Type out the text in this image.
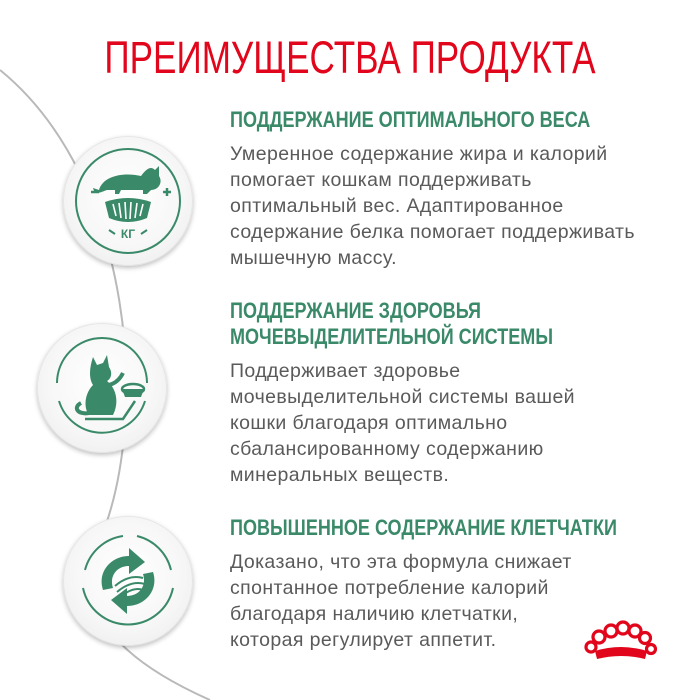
ПРЕИМУЩЕСТВА ПРОДУКТА
КГ
ПОДДЕРЖАНИЕ ОПТИМАЛЬНОГО ВЕСА
Умеренное содержание жира и калорий
помогает кошкам поддерживать
оптимальный вес. Адаптированное
содержание белка помогает поддерживать
мышечную массу.
ПОДДЕРЖАНИЕ ЗДОРОВЬЯ
МОЧЕВЫДЕЛИТЕЛЬНОЙ СИСТЕМЫ
Поддерживает здоровье
мочевыделительной системы вашей
кошки благодаря оптимально
сбалансированному содержанию
минеральных веществ.
ПОВЫШЕННОЕ СОДЕРЖАНИЕ КЛЕТЧАТКИ
Доказано, что эта формула снижает
спонтанное потребление калорий
благодаря наличию клетчатки,
которая регулирует аппетит.
